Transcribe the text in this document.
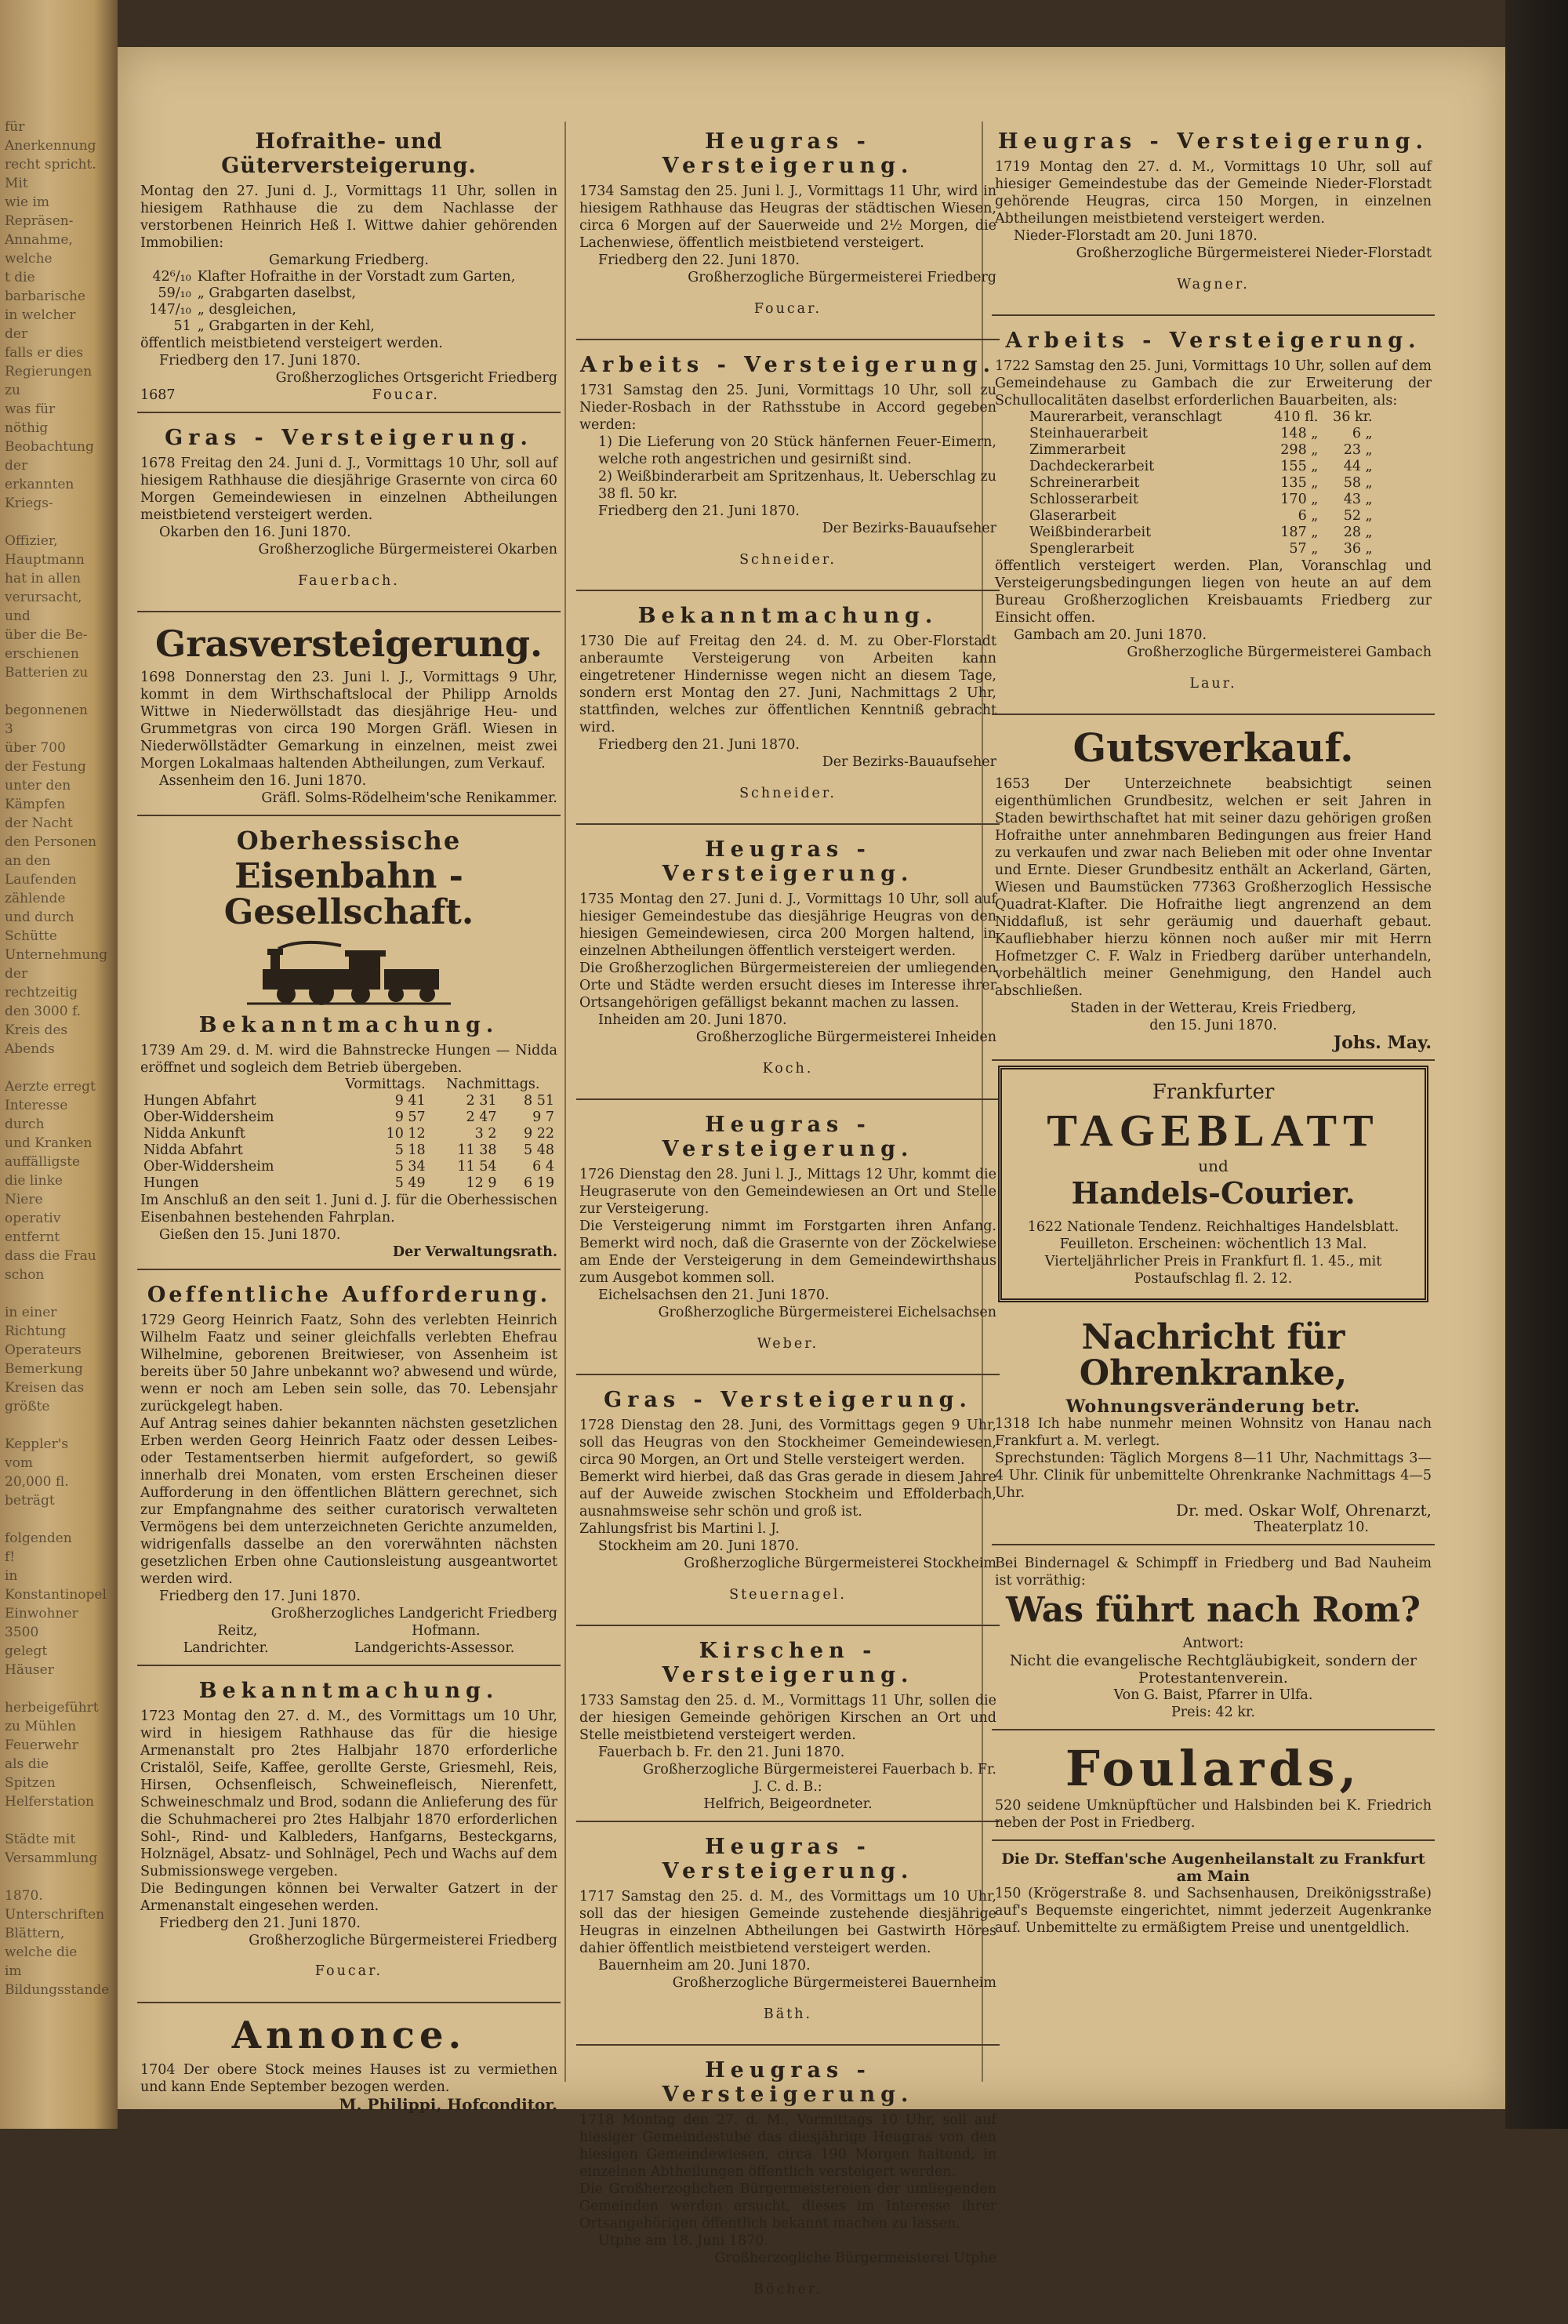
für Anerkennung
recht spricht. Mit
wie im Repräsen-
Annahme, welche
t die barbarische
in welcher der
falls er dies
Regierungen zu
was für nöthig
Beobachtung der
erkannten Kriegs-

Offizier, Hauptmann
hat in allen
verursacht, und
über die Be-
erschienen
Batterien zu

begonnenen 3
über 700
der Festung
unter den Kämpfen
der Nacht
den Personen an den
Laufenden zählende
und durch
Schütte Unternehmung
der rechtzeitig
den 3000 f.
Kreis des Abends

Aerzte erregt
Interesse durch
und Kranken
auffälligste
die linke Niere
operativ entfernt
dass die Frau schon

in einer Richtung
Operateurs
Bemerkung
Kreisen das größte

Keppler's vom
20,000 fl. beträgt

folgenden
f!
in Konstantinopel
Einwohner
3500
gelegt
Häuser

herbeigeführt
zu Mühlen
Feuerwehr
als die Spitzen
Helferstation

Städte mit
Versammlung

1870.
Unterschriften
Blättern, welche die
im Bildungsstande
Hofraithe- und Güterversteigerung.

Montag den 27. Juni d. J., Vormittags 11 Uhr, sollen in hiesigem Rathhause die zu dem Nachlasse der verstorbenen Heinrich Heß I. Wittwe dahier gehörenden Immobilien:

Gemarkung Friedberg.

42⁶/₁₀	Klafter Hofraithe in der Vorstadt zum Garten,
59/₁₀	„ Grabgarten daselbst,
147/₁₀	„ desgleichen,
51	„ Grabgarten in der Kehl,

öffentlich meistbietend versteigert werden.

Friedberg den 17. Juni 1870.

Großherzogliches Ortsgericht Friedberg

1687	Foucar.

Gras - Versteigerung.

1678 Freitag den 24. Juni d. J., Vormittags 10 Uhr, soll auf hiesigem Rathhause die diesjährige Grasernte von circa 60 Morgen Gemeindewiesen in einzelnen Abtheilungen meistbietend versteigert werden.

Okarben den 16. Juni 1870.

Großherzogliche Bürgermeisterei Okarben

Fauerbach.

Grasversteigerung.

1698 Donnerstag den 23. Juni l. J., Vormittags 9 Uhr, kommt in dem Wirthschaftslocal der Philipp Arnolds Wittwe in Niederwöllstadt das diesjährige Heu- und Grummetgras von circa 190 Morgen Gräfl. Wiesen in Niederwöllstädter Gemarkung in einzelnen, meist zwei Morgen Lokalmaas haltenden Abtheilungen, zum Verkauf.

Assenheim den 16. Juni 1870.

Gräfl. Solms-Rödelheim'sche Renikammer.

Oberhessische
Eisenbahn - Gesellschaft.
Bekanntmachung.

1739 Am 29. d. M. wird die Bahnstrecke Hungen — Nidda eröffnet und sogleich dem Betrieb übergeben.

	Vormittags.	Nachmittags.	
Hungen Abfahrt	9 41	2 31	8 51
Ober-Widdersheim	9 57	2 47	9 7
Nidda Ankunft	10 12	3 2	9 22
Nidda Abfahrt	5 18	11 38	5 48
Ober-Widdersheim	5 34	11 54	6 4
Hungen	5 49	12 9	6 19

Im Anschluß an den seit 1. Juni d. J. für die Oberhessischen Eisenbahnen bestehenden Fahrplan.

Gießen den 15. Juni 1870.

Der Verwaltungsrath.

Oeffentliche Aufforderung.

1729 Georg Heinrich Faatz, Sohn des verlebten Heinrich Wilhelm Faatz und seiner gleichfalls verlebten Ehefrau Wilhelmine, geborenen Breitwieser, von Assenheim ist bereits über 50 Jahre unbekannt wo? abwesend und würde, wenn er noch am Leben sein solle, das 70. Lebensjahr zurückgelegt haben.
Auf Antrag seines dahier bekannten nächsten gesetzlichen Erben werden Georg Heinrich Faatz oder dessen Leibes- oder Testamentserben hiermit aufgefordert, so gewiß innerhalb drei Monaten, vom ersten Erscheinen dieser Aufforderung in den öffentlichen Blättern gerechnet, sich zur Empfangnahme des seither curatorisch verwalteten Vermögens bei dem unterzeichneten Gerichte anzumelden, widrigenfalls dasselbe an den vorerwähnten nächsten gesetzlichen Erben ohne Cautionsleistung ausgeantwortet werden wird.

Friedberg den 17. Juni 1870.

Großherzogliches Landgericht Friedberg

Reitz,	Hofmann.

Landrichter.	Landgerichts-Assessor.

Bekanntmachung.

1723 Montag den 27. d. M., des Vormittags um 10 Uhr, wird in hiesigem Rathhause das für die hiesige Armenanstalt pro 2tes Halbjahr 1870 erforderliche Cristalöl, Seife, Kaffee, gerollte Gerste, Griesmehl, Reis, Hirsen, Ochsenfleisch, Schweinefleisch, Nierenfett, Schweineschmalz und Brod, sodann die Anlieferung des für die Schuhmacherei pro 2tes Halbjahr 1870 erforderlichen Sohl-, Rind- und Kalbleders, Hanfgarns, Besteckgarns, Holznägel, Absatz- und Sohlnägel, Pech und Wachs auf dem Submissionswege vergeben.
Die Bedingungen können bei Verwalter Gatzert in der Armenanstalt eingesehen werden.

Friedberg den 21. Juni 1870.

Großherzogliche Bürgermeisterei Friedberg

Foucar.

Annonce.

1704 Der obere Stock meines Hauses ist zu vermiethen und kann Ende September bezogen werden.

M. Philippi, Hofconditor.

Heugras - Versteigerung.

1734 Samstag den 25. Juni l. J., Vormittags 11 Uhr, wird in hiesigem Rathhause das Heugras der städtischen Wiesen, circa 6 Morgen auf der Sauerweide und 2½ Morgen, die Lachenwiese, öffentlich meistbietend versteigert.

Friedberg den 22. Juni 1870.

Großherzogliche Bürgermeisterei Friedberg

Foucar.

Arbeits - Versteigerung.

1731 Samstag den 25. Juni, Vormittags 10 Uhr, soll zu Nieder-Rosbach in der Rathsstube in Accord gegeben werden:

1) Die Lieferung von 20 Stück hänfernen Feuer-Eimern, welche roth angestrichen und gesirnißt sind.

2) Weißbinderarbeit am Spritzenhaus, lt. Ueberschlag zu 38 fl. 50 kr.

Friedberg den 21. Juni 1870.

Der Bezirks-Bauaufseher

Schneider.

Bekanntmachung.

1730 Die auf Freitag den 24. d. M. zu Ober-Florstadt anberaumte Versteigerung von Arbeiten kann eingetretener Hindernisse wegen nicht an diesem Tage, sondern erst Montag den 27. Juni, Nachmittags 2 Uhr, stattfinden, welches zur öffentlichen Kenntniß gebracht wird.

Friedberg den 21. Juni 1870.

Der Bezirks-Bauaufseher

Schneider.

Heugras - Versteigerung.

1735 Montag den 27. Juni d. J., Vormittags 10 Uhr, soll auf hiesiger Gemeindestube das diesjährige Heugras von den hiesigen Gemeindewiesen, circa 200 Morgen haltend, in einzelnen Abtheilungen öffentlich versteigert werden.
Die Großherzoglichen Bürgermeistereien der umliegenden Orte und Städte werden ersucht dieses im Interesse ihrer Ortsangehörigen gefälligst bekannt machen zu lassen.

Inheiden am 20. Juni 1870.

Großherzogliche Bürgermeisterei Inheiden

Koch.

Heugras - Versteigerung.

1726 Dienstag den 28. Juni l. J., Mittags 12 Uhr, kommt die Heugraserute von den Gemeindewiesen an Ort und Stelle zur Versteigerung.
Die Versteigerung nimmt im Forstgarten ihren Anfang. Bemerkt wird noch, daß die Grasernte von der Zöckelwiese am Ende der Versteigerung in dem Gemeindewirthshaus zum Ausgebot kommen soll.

Eichelsachsen den 21. Juni 1870.

Großherzogliche Bürgermeisterei Eichelsachsen

Weber.

Gras - Versteigerung.

1728 Dienstag den 28. Juni, des Vormittags gegen 9 Uhr, soll das Heugras von den Stockheimer Gemeindewiesen, circa 90 Morgen, an Ort und Stelle versteigert werden.
Bemerkt wird hierbei, daß das Gras gerade in diesem Jahre auf der Auweide zwischen Stockheim und Effolderbach, ausnahmsweise sehr schön und groß ist.
Zahlungsfrist bis Martini l. J.

Stockheim am 20. Juni 1870.

Großherzogliche Bürgermeisterei Stockheim

Steuernagel.

Kirschen - Versteigerung.

1733 Samstag den 25. d. M., Vormittags 11 Uhr, sollen die der hiesigen Gemeinde gehörigen Kirschen an Ort und Stelle meistbietend versteigert werden.

Fauerbach b. Fr. den 21. Juni 1870.

Großherzogliche Bürgermeisterei Fauerbach b. Fr.

J. C. d. B.:

Helfrich, Beigeordneter.

Heugras - Versteigerung.

1717 Samstag den 25. d. M., des Vormittags um 10 Uhr, soll das der hiesigen Gemeinde zustehende diesjährige Heugras in einzelnen Abtheilungen bei Gastwirth Höres dahier öffentlich meistbietend versteigert werden.

Bauernheim am 20. Juni 1870.

Großherzogliche Bürgermeisterei Bauernheim

Bäth.

Heugras - Versteigerung.

1718 Montag den 27. d. M., Vormittags 10 Uhr, soll auf hiesiger Gemeindestube das diesjährige Heugras von den hiesigen Gemeindewiesen, circa 190 Morgen haltend, in einzelnen Abtheilungen öffentlich versteigert werden.
Die Großherzoglichen Bürgermeistereien der umliegenden Gemeinden werden ersucht, dieses im Interesse ihrer Ortsangehörigen öffentlich bekannt machen zu lassen.

Utphe am 18. Juni 1870.

Großherzogliche Bürgermeisterei Utphe

Böcher.

Heugras - Versteigerung.

1719 Montag den 27. d. M., Vormittags 10 Uhr, soll auf hiesiger Gemeindestube das der Gemeinde Nieder-Florstadt gehörende Heugras, circa 150 Morgen, in einzelnen Abtheilungen meistbietend versteigert werden.

Nieder-Florstadt am 20. Juni 1870.

Großherzogliche Bürgermeisterei Nieder-Florstadt

Wagner.

Arbeits - Versteigerung.

1722 Samstag den 25. Juni, Vormittags 10 Uhr, sollen auf dem Gemeindehause zu Gambach die zur Erweiterung der Schullocalitäten daselbst erforderlichen Bauarbeiten, als:

Maurerarbeit, veranschlagt	410 fl.	36 kr.
Steinhauerarbeit	148 „	6 „
Zimmerarbeit	298 „	23 „
Dachdeckerarbeit	155 „	44 „
Schreinerarbeit	135 „	58 „
Schlosserarbeit	170 „	43 „
Glaserarbeit	6 „	52 „
Weißbinderarbeit	187 „	28 „
Spenglerarbeit	57 „	36 „

öffentlich versteigert werden. Plan, Voranschlag und Versteigerungsbedingungen liegen von heute an auf dem Bureau Großherzoglichen Kreisbauamts Friedberg zur Einsicht offen.

Gambach am 20. Juni 1870.

Großherzogliche Bürgermeisterei Gambach

Laur.

Gutsverkauf.

1653 Der Unterzeichnete beabsichtigt seinen eigenthümlichen Grundbesitz, welchen er seit Jahren in Staden bewirthschaftet hat mit seiner dazu gehörigen großen Hofraithe unter annehmbaren Bedingungen aus freier Hand zu verkaufen und zwar nach Belieben mit oder ohne Inventar und Ernte. Dieser Grundbesitz enthält an Ackerland, Gärten, Wiesen und Baumstücken 77363 Großherzoglich Hessische Quadrat-Klafter. Die Hofraithe liegt angrenzend an dem Niddafluß, ist sehr geräumig und dauerhaft gebaut. Kaufliebhaber hierzu können noch außer mir mit Herrn Hofmetzger C. F. Walz in Friedberg darüber unterhandeln, vorbehältlich meiner Genehmigung, den Handel auch abschließen.

Staden in der Wetterau, Kreis Friedberg,

den 15. Juni 1870.

Johs. May.

Frankfurter
TAGEBLATT
und
Handels-Courier.

1622 Nationale Tendenz. Reichhaltiges Handelsblatt. Feuilleton. Erscheinen: wöchentlich 13 Mal. Vierteljährlicher Preis in Frankfurt fl. 1. 45., mit Postaufschlag fl. 2. 12.

Nachricht für Ohrenkranke,

Wohnungsveränderung betr.

1318 Ich habe nunmehr meinen Wohnsitz von Hanau nach Frankfurt a. M. verlegt.
Sprechstunden: Täglich Morgens 8—11 Uhr, Nachmittags 3—4 Uhr. Clinik für unbemittelte Ohrenkranke Nachmittags 4—5 Uhr.

Dr. med. Oskar Wolf, Ohrenarzt,

Theaterplatz 10.

Bei Bindernagel & Schimpff in Friedberg und Bad Nauheim ist vorräthig:

Was führt nach Rom?

Antwort:

Nicht die evangelische Rechtgläubigkeit, sondern der Protestantenverein.

Von G. Baist, Pfarrer in Ulfa.

Preis: 42 kr.

Foulards,

520 seidene Umknüpftücher und Halsbinden bei K. Friedrich neben der Post in Friedberg.

Die Dr. Steffan'sche Augenheilanstalt zu Frankfurt am Main

150 (Krögerstraße 8. und Sachsenhausen, Dreikönigsstraße) auf's Bequemste eingerichtet, nimmt jederzeit Augenkranke auf. Unbemittelte zu ermäßigtem Preise und unentgeldlich.
